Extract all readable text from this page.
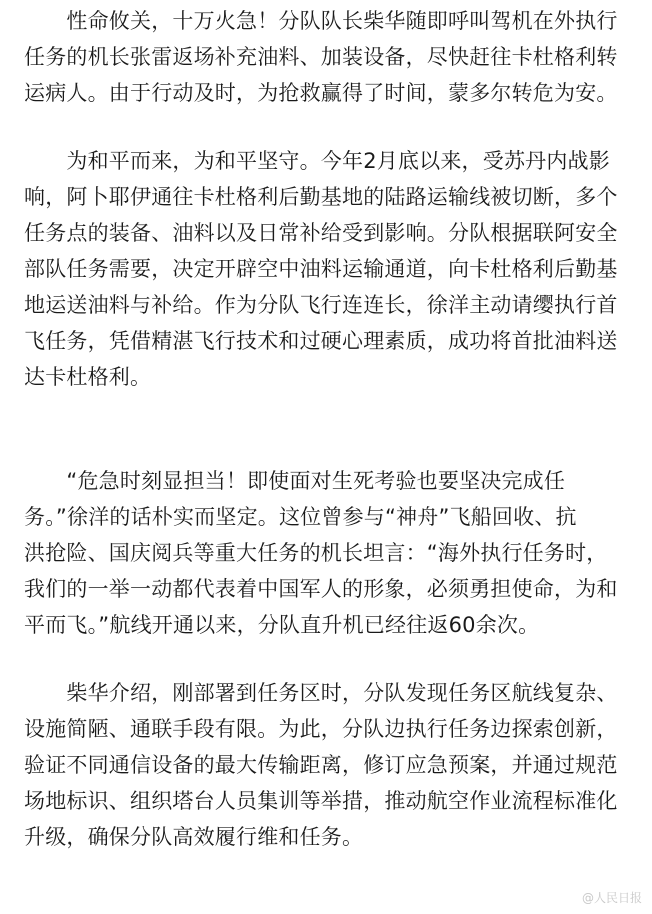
　　性命攸关，十万火急！分队队长柴华随即呼叫驾机在外执行
任务的机长张雷返场补充油料、加装设备，尽快赶往卡杜格利转
运病人。由于行动及时，为抢救赢得了时间，蒙多尔转危为安。
　　为和平而来，为和平坚守。今年2月底以来，受苏丹内战影
响，阿卜耶伊通往卡杜格利后勤基地的陆路运输线被切断，多个
任务点的装备、油料以及日常补给受到影响。分队根据联阿安全
部队任务需要，决定开辟空中油料运输通道，向卡杜格利后勤基
地运送油料与补给。作为分队飞行连连长，徐洋主动请缨执行首
飞任务，凭借精湛飞行技术和过硬心理素质，成功将首批油料送
达卡杜格利。
　　“危急时刻显担当！即使面对生死考验也要坚决完成任
务。”徐洋的话朴实而坚定。这位曾参与“神舟”飞船回收、抗
洪抢险、国庆阅兵等重大任务的机长坦言：“海外执行任务时，
我们的一举一动都代表着中国军人的形象，必须勇担使命，为和
平而飞。”航线开通以来，分队直升机已经往返60余次。
　　柴华介绍，刚部署到任务区时，分队发现任务区航线复杂、
设施简陋、通联手段有限。为此，分队边执行任务边探索创新，
验证不同通信设备的最大传输距离，修订应急预案，并通过规范
场地标识、组织塔台人员集训等举措，推动航空作业流程标准化
升级，确保分队高效履行维和任务。
@人民日报
